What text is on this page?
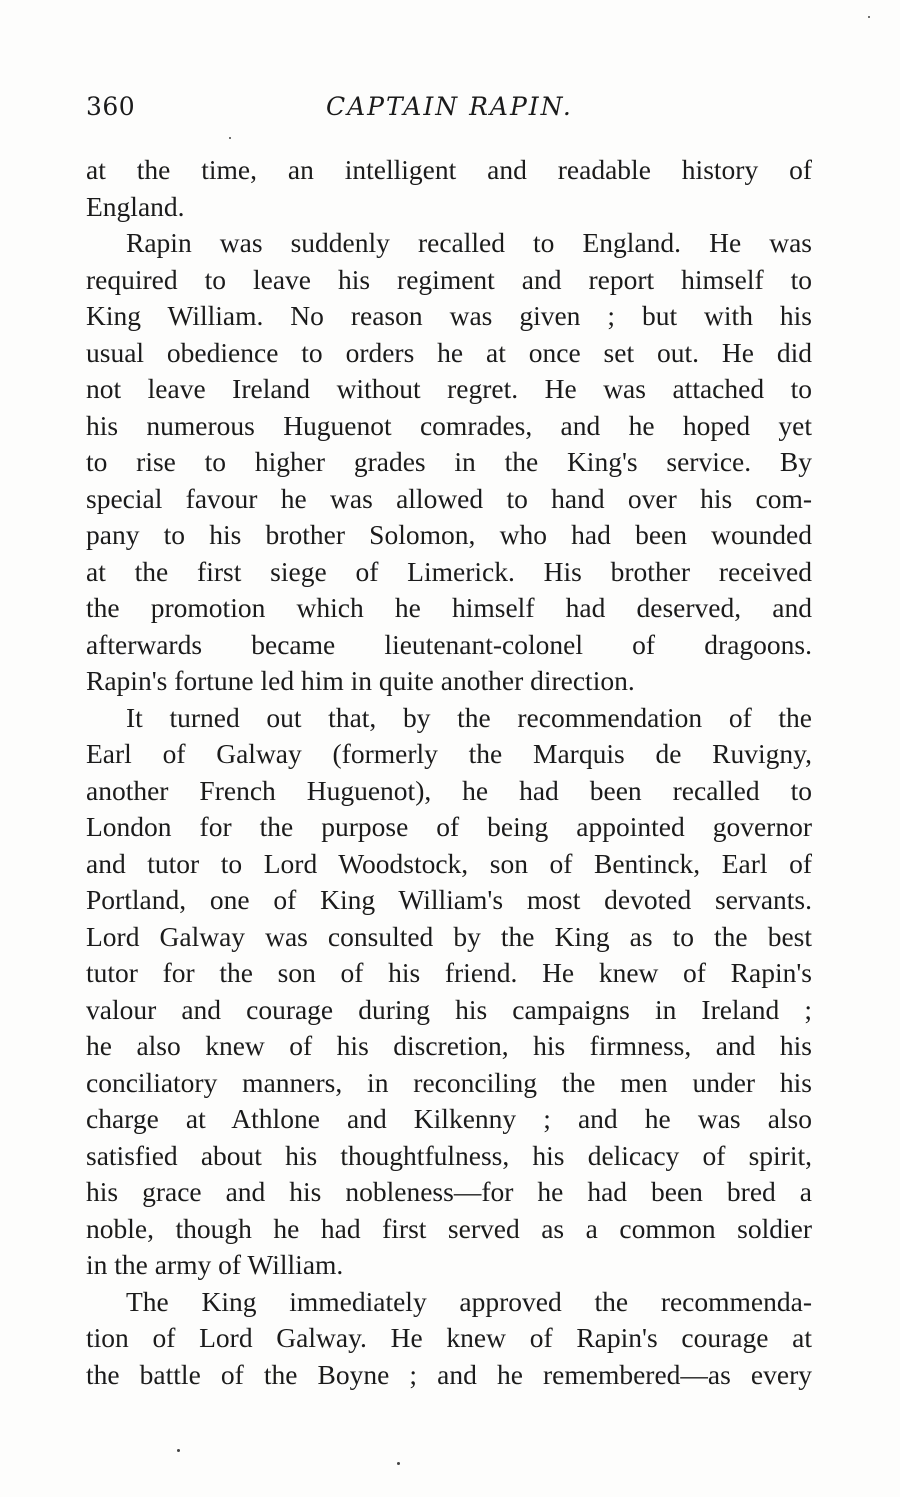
360	CAPTAIN RAPIN.
at the time, an intelligent and readable history of
England.
Rapin was suddenly recalled to England. He was
required to leave his regiment and report himself to
King William. No reason was given ; but with his
usual obedience to orders he at once set out. He did
not leave Ireland without regret. He was attached to
his numerous Huguenot comrades, and he hoped yet
to rise to higher grades in the King's service. By
special favour he was allowed to hand over his com-
pany to his brother Solomon, who had been wounded
at the first siege of Limerick. His brother received
the promotion which he himself had deserved, and
afterwards became lieutenant-colonel of dragoons.
Rapin's fortune led him in quite another direction.
It turned out that, by the recommendation of the
Earl of Galway (formerly the Marquis de Ruvigny,
another French Huguenot), he had been recalled to
London for the purpose of being appointed governor
and tutor to Lord Woodstock, son of Bentinck, Earl of
Portland, one of King William's most devoted servants.
Lord Galway was consulted by the King as to the best
tutor for the son of his friend. He knew of Rapin's
valour and courage during his campaigns in Ireland ;
he also knew of his discretion, his firmness, and his
conciliatory manners, in reconciling the men under his
charge at Athlone and Kilkenny ; and he was also
satisfied about his thoughtfulness, his delicacy of spirit,
his grace and his nobleness—for he had been bred a
noble, though he had first served as a common soldier
in the army of William.
The King immediately approved the recommenda-
tion of Lord Galway. He knew of Rapin's courage at
the battle of the Boyne ; and he remembered—as every
